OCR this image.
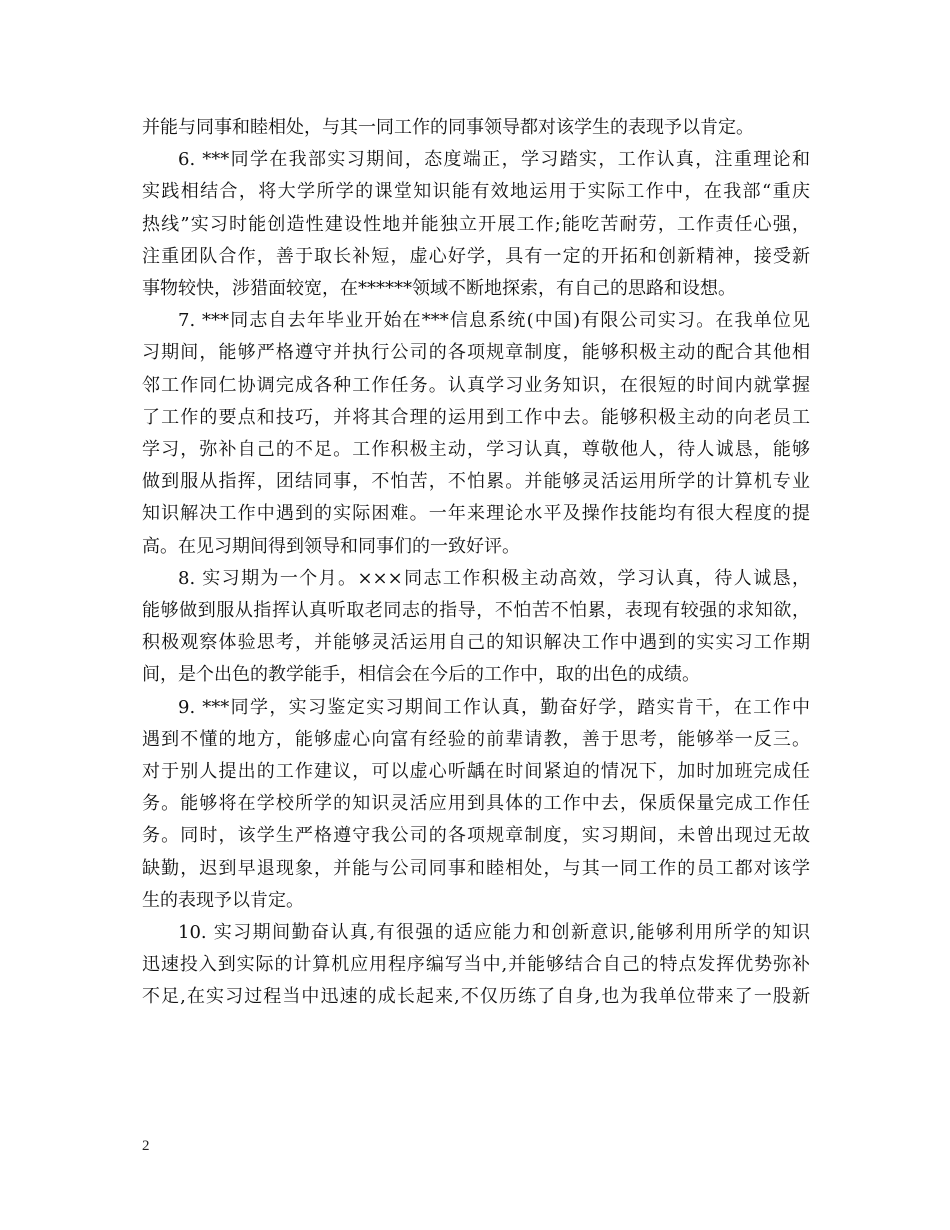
并能与同事和睦相处，与其一同工作的同事领导都对该学生的表现予以肯定。
6. ***同学在我部实习期间，态度端正，学习踏实，工作认真，注重理论和
实践相结合，将大学所学的课堂知识能有效地运用于实际工作中，在我部“重庆
热线”实习时能创造性建设性地并能独立开展工作;能吃苦耐劳，工作责任心强，
注重团队合作，善于取长补短，虚心好学，具有一定的开拓和创新精神，接受新
事物较快，涉猎面较宽，在******领域不断地探索，有自己的思路和设想。
7. ***同志自去年毕业开始在***信息系统(中国)有限公司实习。在我单位见
习期间，能够严格遵守并执行公司的各项规章制度，能够积极主动的配合其他相
邻工作同仁协调完成各种工作任务。认真学习业务知识，在很短的时间内就掌握
了工作的要点和技巧，并将其合理的运用到工作中去。能够积极主动的向老员工
学习，弥补自己的不足。工作积极主动，学习认真，尊敬他人，待人诚恳，能够
做到服从指挥，团结同事，不怕苦，不怕累。并能够灵活运用所学的计算机专业
知识解决工作中遇到的实际困难。一年来理论水平及操作技能均有很大程度的提
高。在见习期间得到领导和同事们的一致好评。
8. 实习期为一个月。×××同志工作积极主动高效，学习认真，待人诚恳，
能够做到服从指挥认真听取老同志的指导，不怕苦不怕累，表现有较强的求知欲，
积极观察体验思考，并能够灵活运用自己的知识解决工作中遇到的实实习工作期
间，是个出色的教学能手，相信会在今后的工作中，取的出色的成绩。
9. ***同学，实习鉴定实习期间工作认真，勤奋好学，踏实肯干，在工作中
遇到不懂的地方，能够虚心向富有经验的前辈请教，善于思考，能够举一反三。
对于别人提出的工作建议，可以虚心听龋在时间紧迫的情况下，加时加班完成任
务。能够将在学校所学的知识灵活应用到具体的工作中去，保质保量完成工作任
务。同时，该学生严格遵守我公司的各项规章制度，实习期间，未曾出现过无故
缺勤，迟到早退现象，并能与公司同事和睦相处，与其一同工作的员工都对该学
生的表现予以肯定。
10. 实习期间勤奋认真,有很强的适应能力和创新意识,能够利用所学的知识
迅速投入到实际的计算机应用程序编写当中,并能够结合自己的特点发挥优势弥补
不足,在实习过程当中迅速的成长起来,不仅历练了自身,也为我单位带来了一股新
2
